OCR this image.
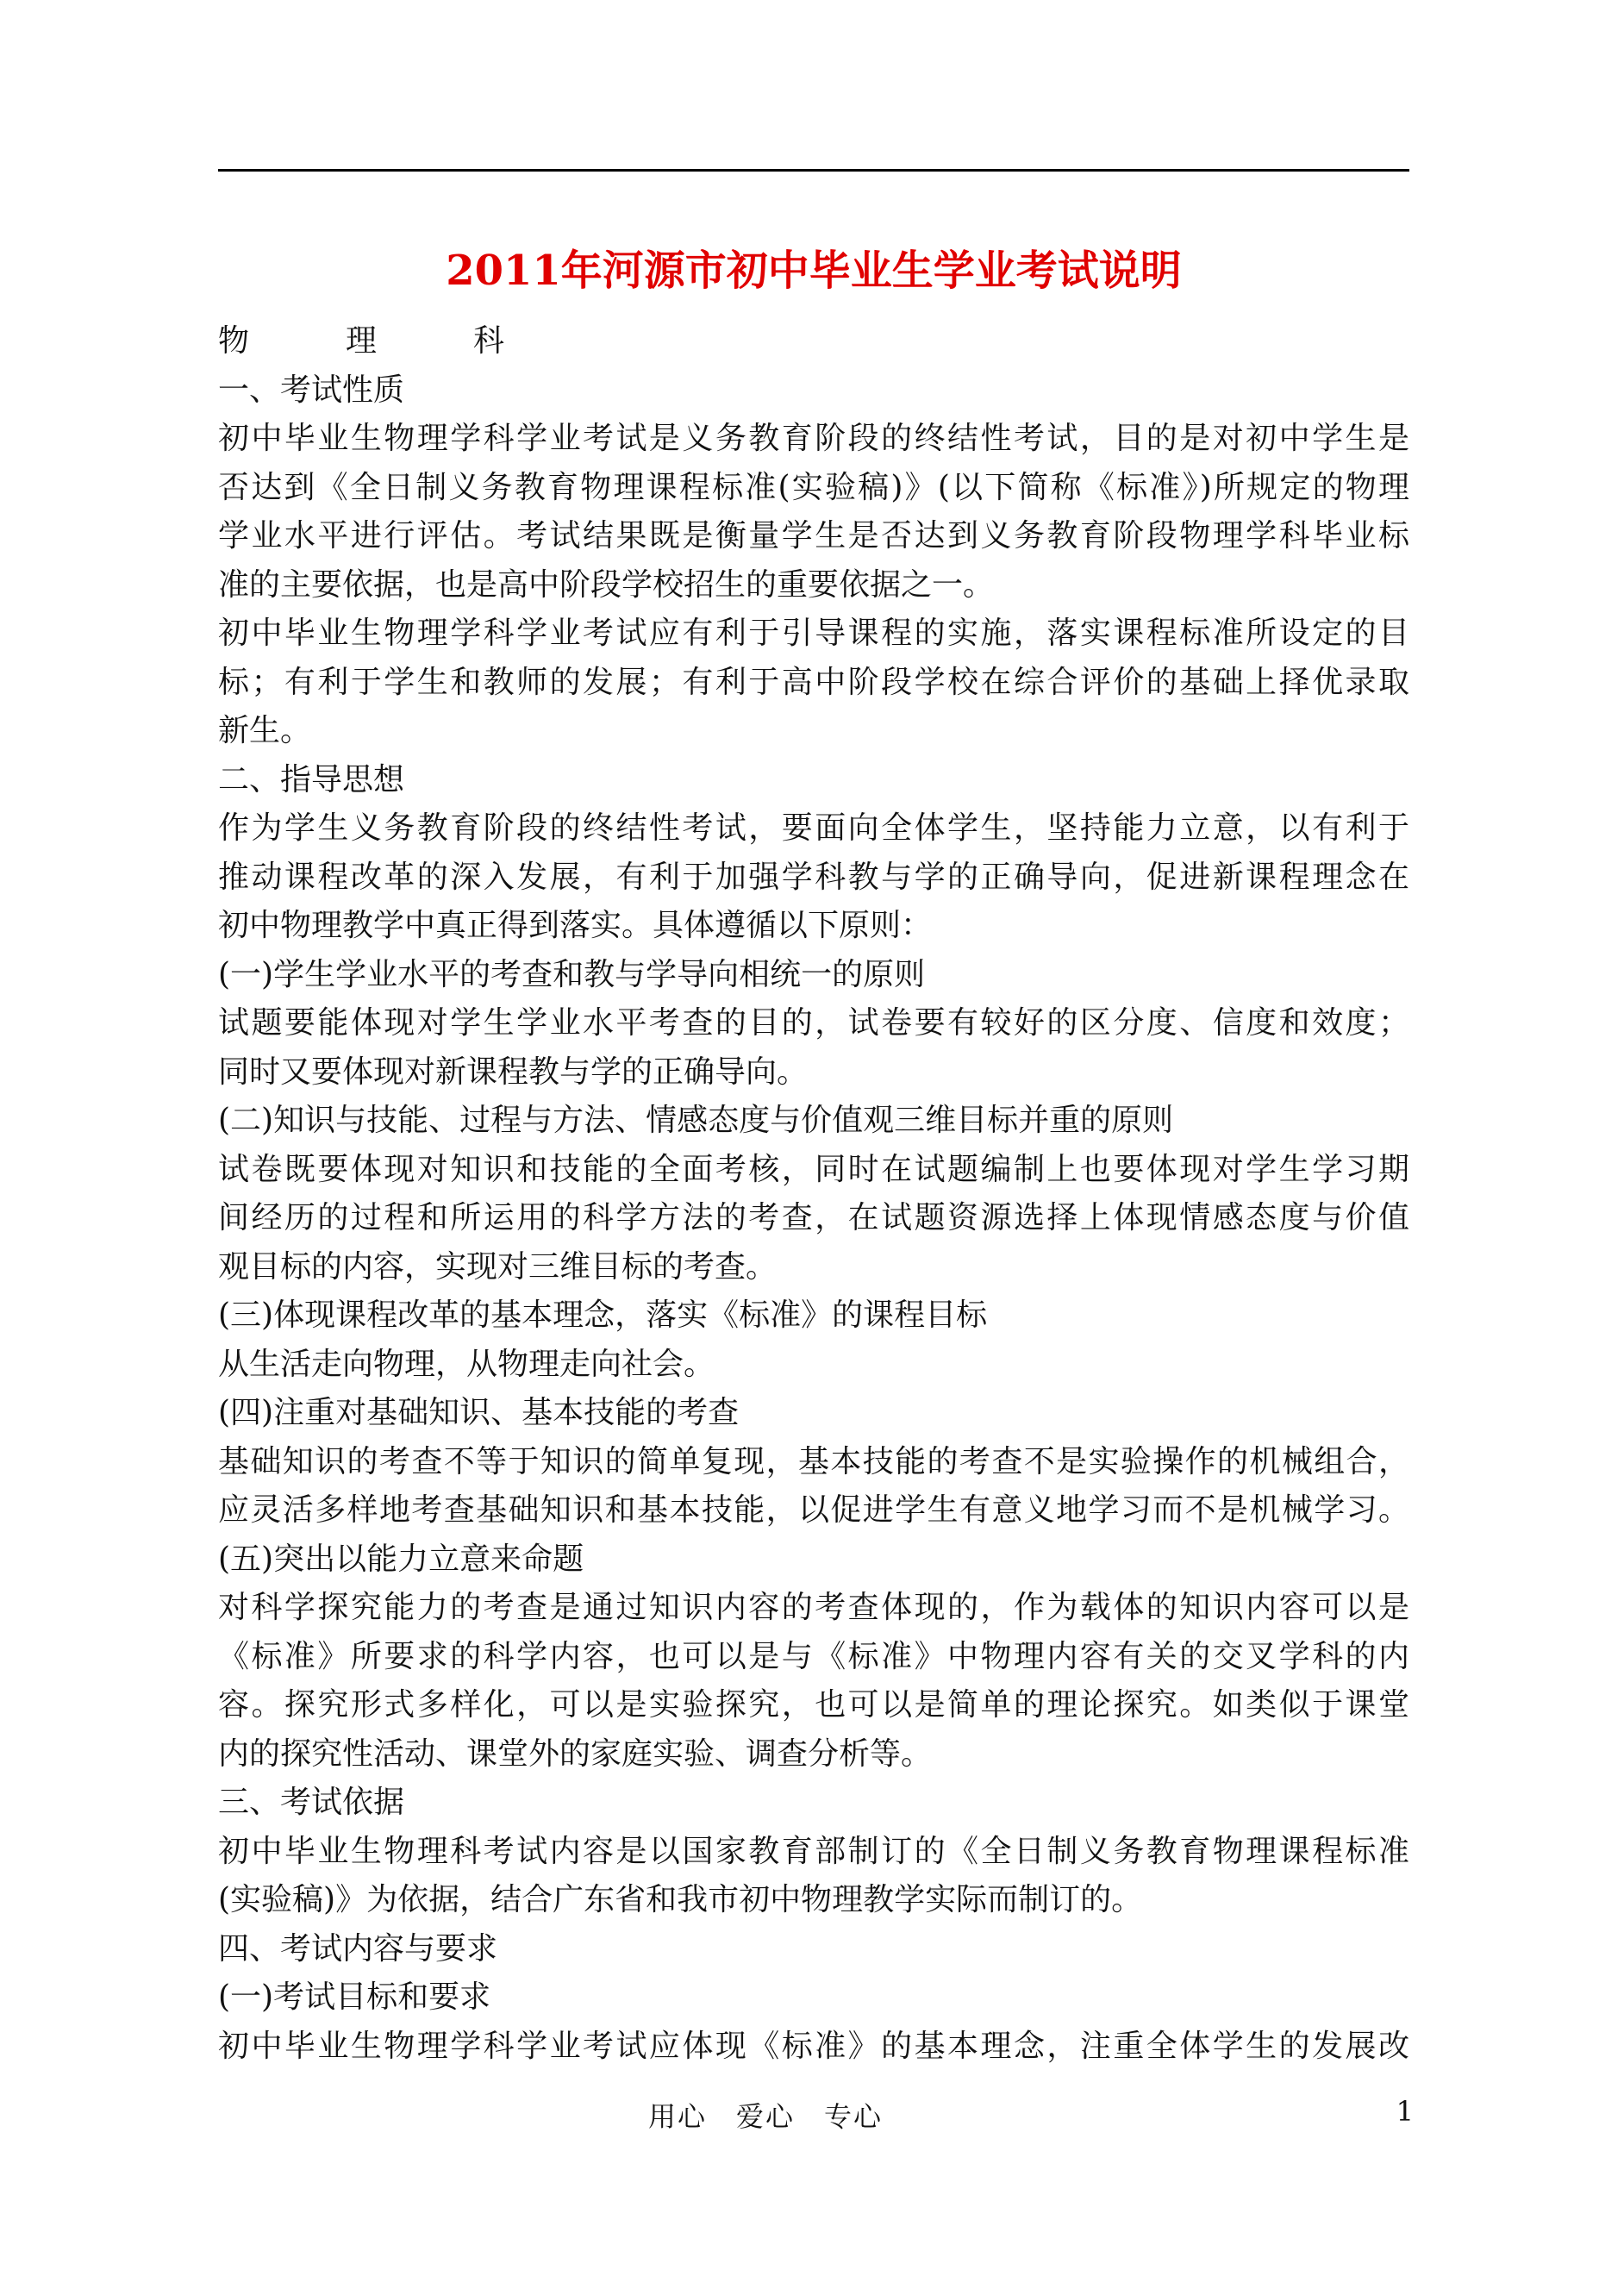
2011年河源市初中毕业生学业考试说明

物　理　科

一、考试性质

初中毕业生物理学科学业考试是义务教育阶段的终结性考试，目的是对初中学生是

否达到《全日制义务教育物理课程标准(实验稿)》(以下简称《标准》)所规定的物理

学业水平进行评估。考试结果既是衡量学生是否达到义务教育阶段物理学科毕业标

准的主要依据，也是高中阶段学校招生的重要依据之一。

初中毕业生物理学科学业考试应有利于引导课程的实施，落实课程标准所设定的目

标；有利于学生和教师的发展；有利于高中阶段学校在综合评价的基础上择优录取

新生。

二、指导思想

作为学生义务教育阶段的终结性考试，要面向全体学生，坚持能力立意，以有利于

推动课程改革的深入发展，有利于加强学科教与学的正确导向，促进新课程理念在

初中物理教学中真正得到落实。具体遵循以下原则：

(一)学生学业水平的考查和教与学导向相统一的原则

试题要能体现对学生学业水平考查的目的，试卷要有较好的区分度、信度和效度；

同时又要体现对新课程教与学的正确导向。

(二)知识与技能、过程与方法、情感态度与价值观三维目标并重的原则

试卷既要体现对知识和技能的全面考核，同时在试题编制上也要体现对学生学习期

间经历的过程和所运用的科学方法的考查，在试题资源选择上体现情感态度与价值

观目标的内容，实现对三维目标的考查。

(三)体现课程改革的基本理念，落实《标准》的课程目标

从生活走向物理，从物理走向社会。

(四)注重对基础知识、基本技能的考查

基础知识的考查不等于知识的简单复现，基本技能的考查不是实验操作的机械组合，

应灵活多样地考查基础知识和基本技能，以促进学生有意义地学习而不是机械学习。

(五)突出以能力立意来命题

对科学探究能力的考查是通过知识内容的考查体现的，作为载体的知识内容可以是

《标准》所要求的科学内容，也可以是与《标准》中物理内容有关的交叉学科的内

容。探究形式多样化，可以是实验探究，也可以是简单的理论探究。如类似于课堂

内的探究性活动、课堂外的家庭实验、调查分析等。

三、考试依据

初中毕业生物理科考试内容是以国家教育部制订的《全日制义务教育物理课程标准

(实验稿)》为依据，结合广东省和我市初中物理教学实际而制订的。

四、考试内容与要求

(一)考试目标和要求

初中毕业生物理学科学业考试应体现《标准》的基本理念，注重全体学生的发展改

用心　爱心　专心	1
